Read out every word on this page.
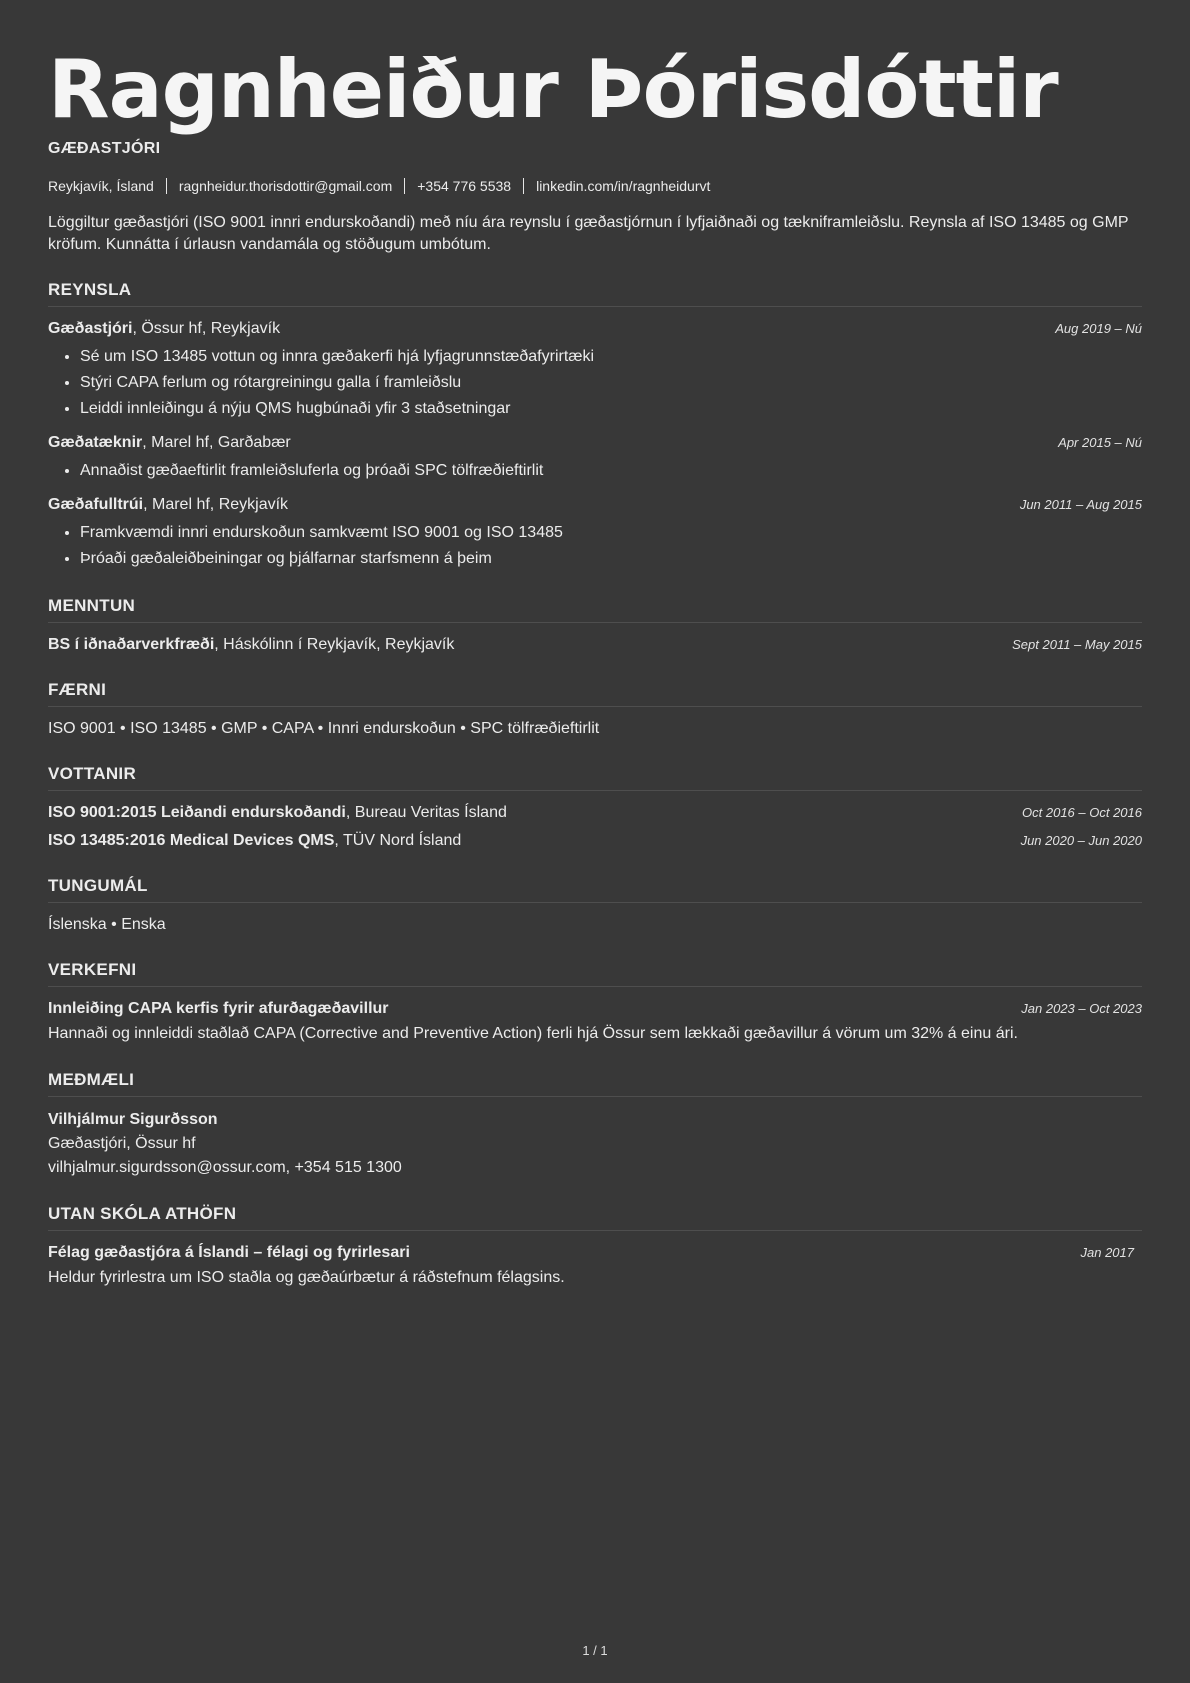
Ragnheiður Þórisdóttir
GÆÐASTJÓRI
Reykjavík, Ísland ragnheidur.thorisdottir@gmail.com +354 776 5538 linkedin.com/in/ragnheidurvt
Löggiltur gæðastjóri (ISO 9001 innri endurskoðandi) með níu ára reynslu í gæðastjórnun í lyfjaiðnaði og tækniframleiðslu. Reynsla af ISO 13485 og GMP kröfum. Kunnátta í úrlausn vandamála og stöðugum umbótum.
REYNSLA
Gæðastjóri, Össur hf, Reykjavík	Aug 2019 – Nú
• Sé um ISO 13485 vottun og innra gæðakerfi hjá lyfjagrunnstæðafyrirtæki
• Stýri CAPA ferlum og rótargreiningu galla í framleiðslu
• Leiddi innleiðingu á nýju QMS hugbúnaði yfir 3 staðsetningar
Gæðatæknir, Marel hf, Garðabær	Apr 2015 – Nú
• Annaðist gæðaeftirlit framleiðsluferla og þróaði SPC tölfræðieftirlit
Gæðafulltrúi, Marel hf, Reykjavík	Jun 2011 – Aug 2015
• Framkvæmdi innri endurskoðun samkvæmt ISO 9001 og ISO 13485
• Þróaði gæðaleiðbeiningar og þjálfarnar starfsmenn á þeim
MENNTUN
BS í iðnaðarverkfræði, Háskólinn í Reykjavík, Reykjavík	Sept 2011 – May 2015
FÆRNI
ISO 9001 • ISO 13485 • GMP • CAPA • Innri endurskoðun • SPC tölfræðieftirlit
VOTTANIR
ISO 9001:2015 Leiðandi endurskoðandi, Bureau Veritas Ísland	Oct 2016 – Oct 2016
ISO 13485:2016 Medical Devices QMS, TÜV Nord Ísland	Jun 2020 – Jun 2020
TUNGUMÁL
Íslenska • Enska
VERKEFNI
Innleiðing CAPA kerfis fyrir afurðagæðavillur	Jan 2023 – Oct 2023
Hannaði og innleiddi staðlað CAPA (Corrective and Preventive Action) ferli hjá Össur sem lækkaði gæðavillur á vörum um 32% á einu ári.
MEÐMÆLI
Vilhjálmur Sigurðsson
Gæðastjóri, Össur hf
vilhjalmur.sigurdsson@ossur.com, +354 515 1300
UTAN SKÓLA ATHÖFN
Félag gæðastjóra á Íslandi – félagi og fyrirlesari	Jan 2017
Heldur fyrirlestra um ISO staðla og gæðaúrbætur á ráðstefnum félagsins.
1 / 1
